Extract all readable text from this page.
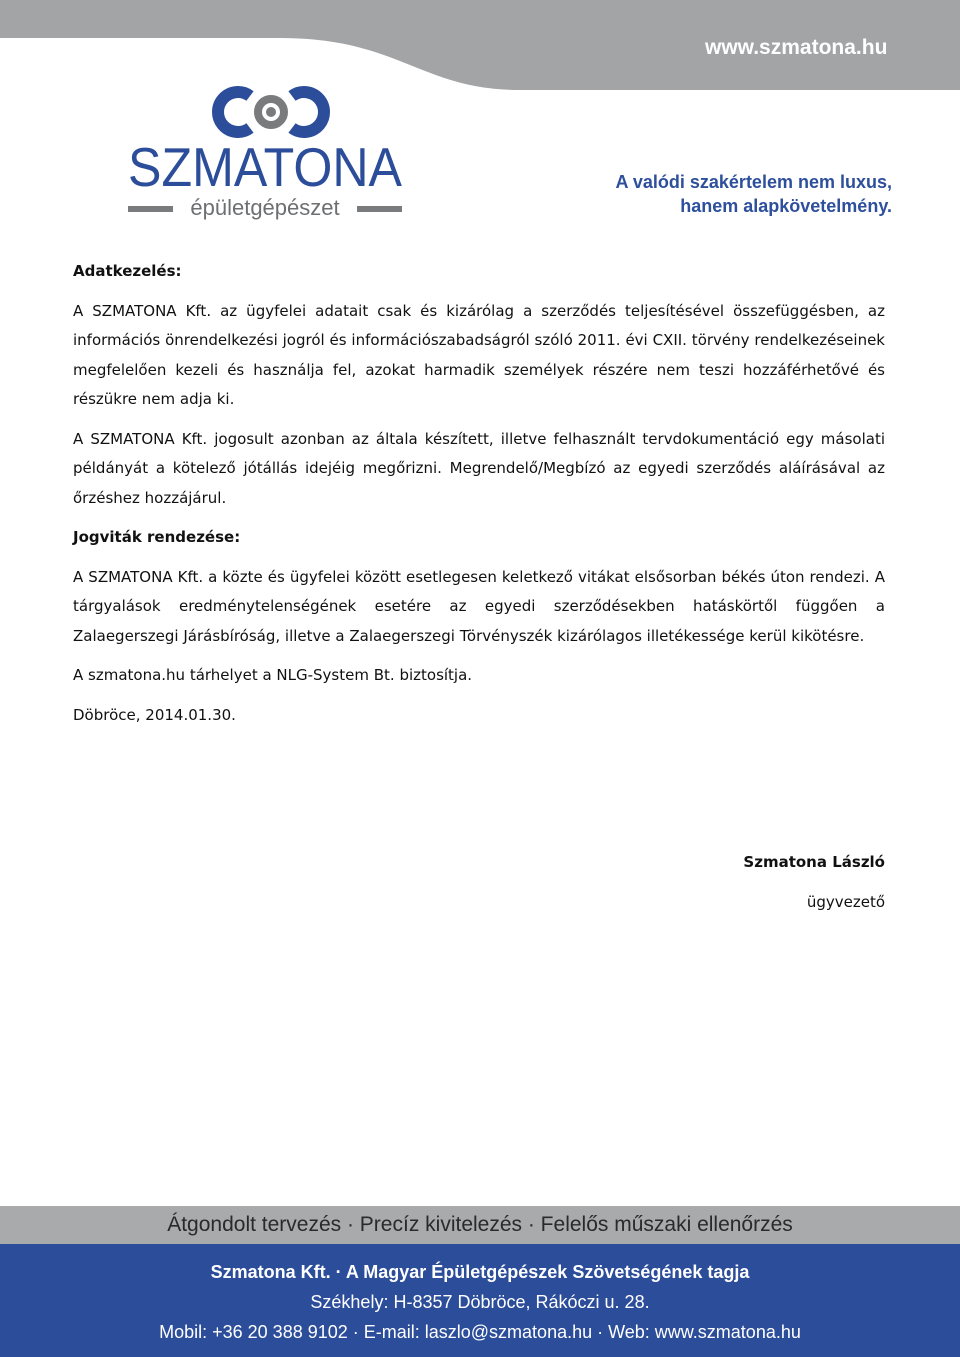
www.szmatona.hu
SZMATONA
épületgépészet
A valódi szakértelem nem luxus,
hanem alapkövetelmény.
Adatkezelés:

A SZMATONA Kft. az ügyfelei adatait csak és kizárólag a szerződés teljesítésével összefüggésben, az információs önrendelkezési jogról és információszabadságról szóló 2011. évi CXII. törvény rendelkezéseinek megfelelően kezeli és használja fel, azokat harmadik személyek részére nem teszi hozzáférhetővé és részükre nem adja ki.

A SZMATONA Kft. jogosult azonban az általa készített, illetve felhasznált tervdokumentáció egy másolati példányát a kötelező jótállás idejéig megőrizni. Megrendelő/Megbízó az egyedi szerződés aláírásával az őrzéshez hozzájárul.

Jogviták rendezése:

A SZMATONA Kft. a közte és ügyfelei között esetlegesen keletkező vitákat elsősorban békés úton rendezi. A tárgyalások eredménytelenségének esetére az egyedi szerződésekben hatáskörtől függően a Zalaegerszegi Járásbíróság, illetve a Zalaegerszegi Törvényszék kizárólagos illetékessége kerül kikötésre.

A szmatona.hu tárhelyet a NLG-System Bt. biztosítja.

Döbröce, 2014.01.30.

Szmatona László
ügyvezető
Átgondolt tervezés · Precíz kivitelezés · Felelős műszaki ellenőrzés
Szmatona Kft. · A Magyar Épületgépészek Szövetségének tagja
Székhely: H-8357 Döbröce, Rákóczi u. 28.
Mobil: +36 20 388 9102 · E-mail: laszlo@szmatona.hu · Web: www.szmatona.hu
